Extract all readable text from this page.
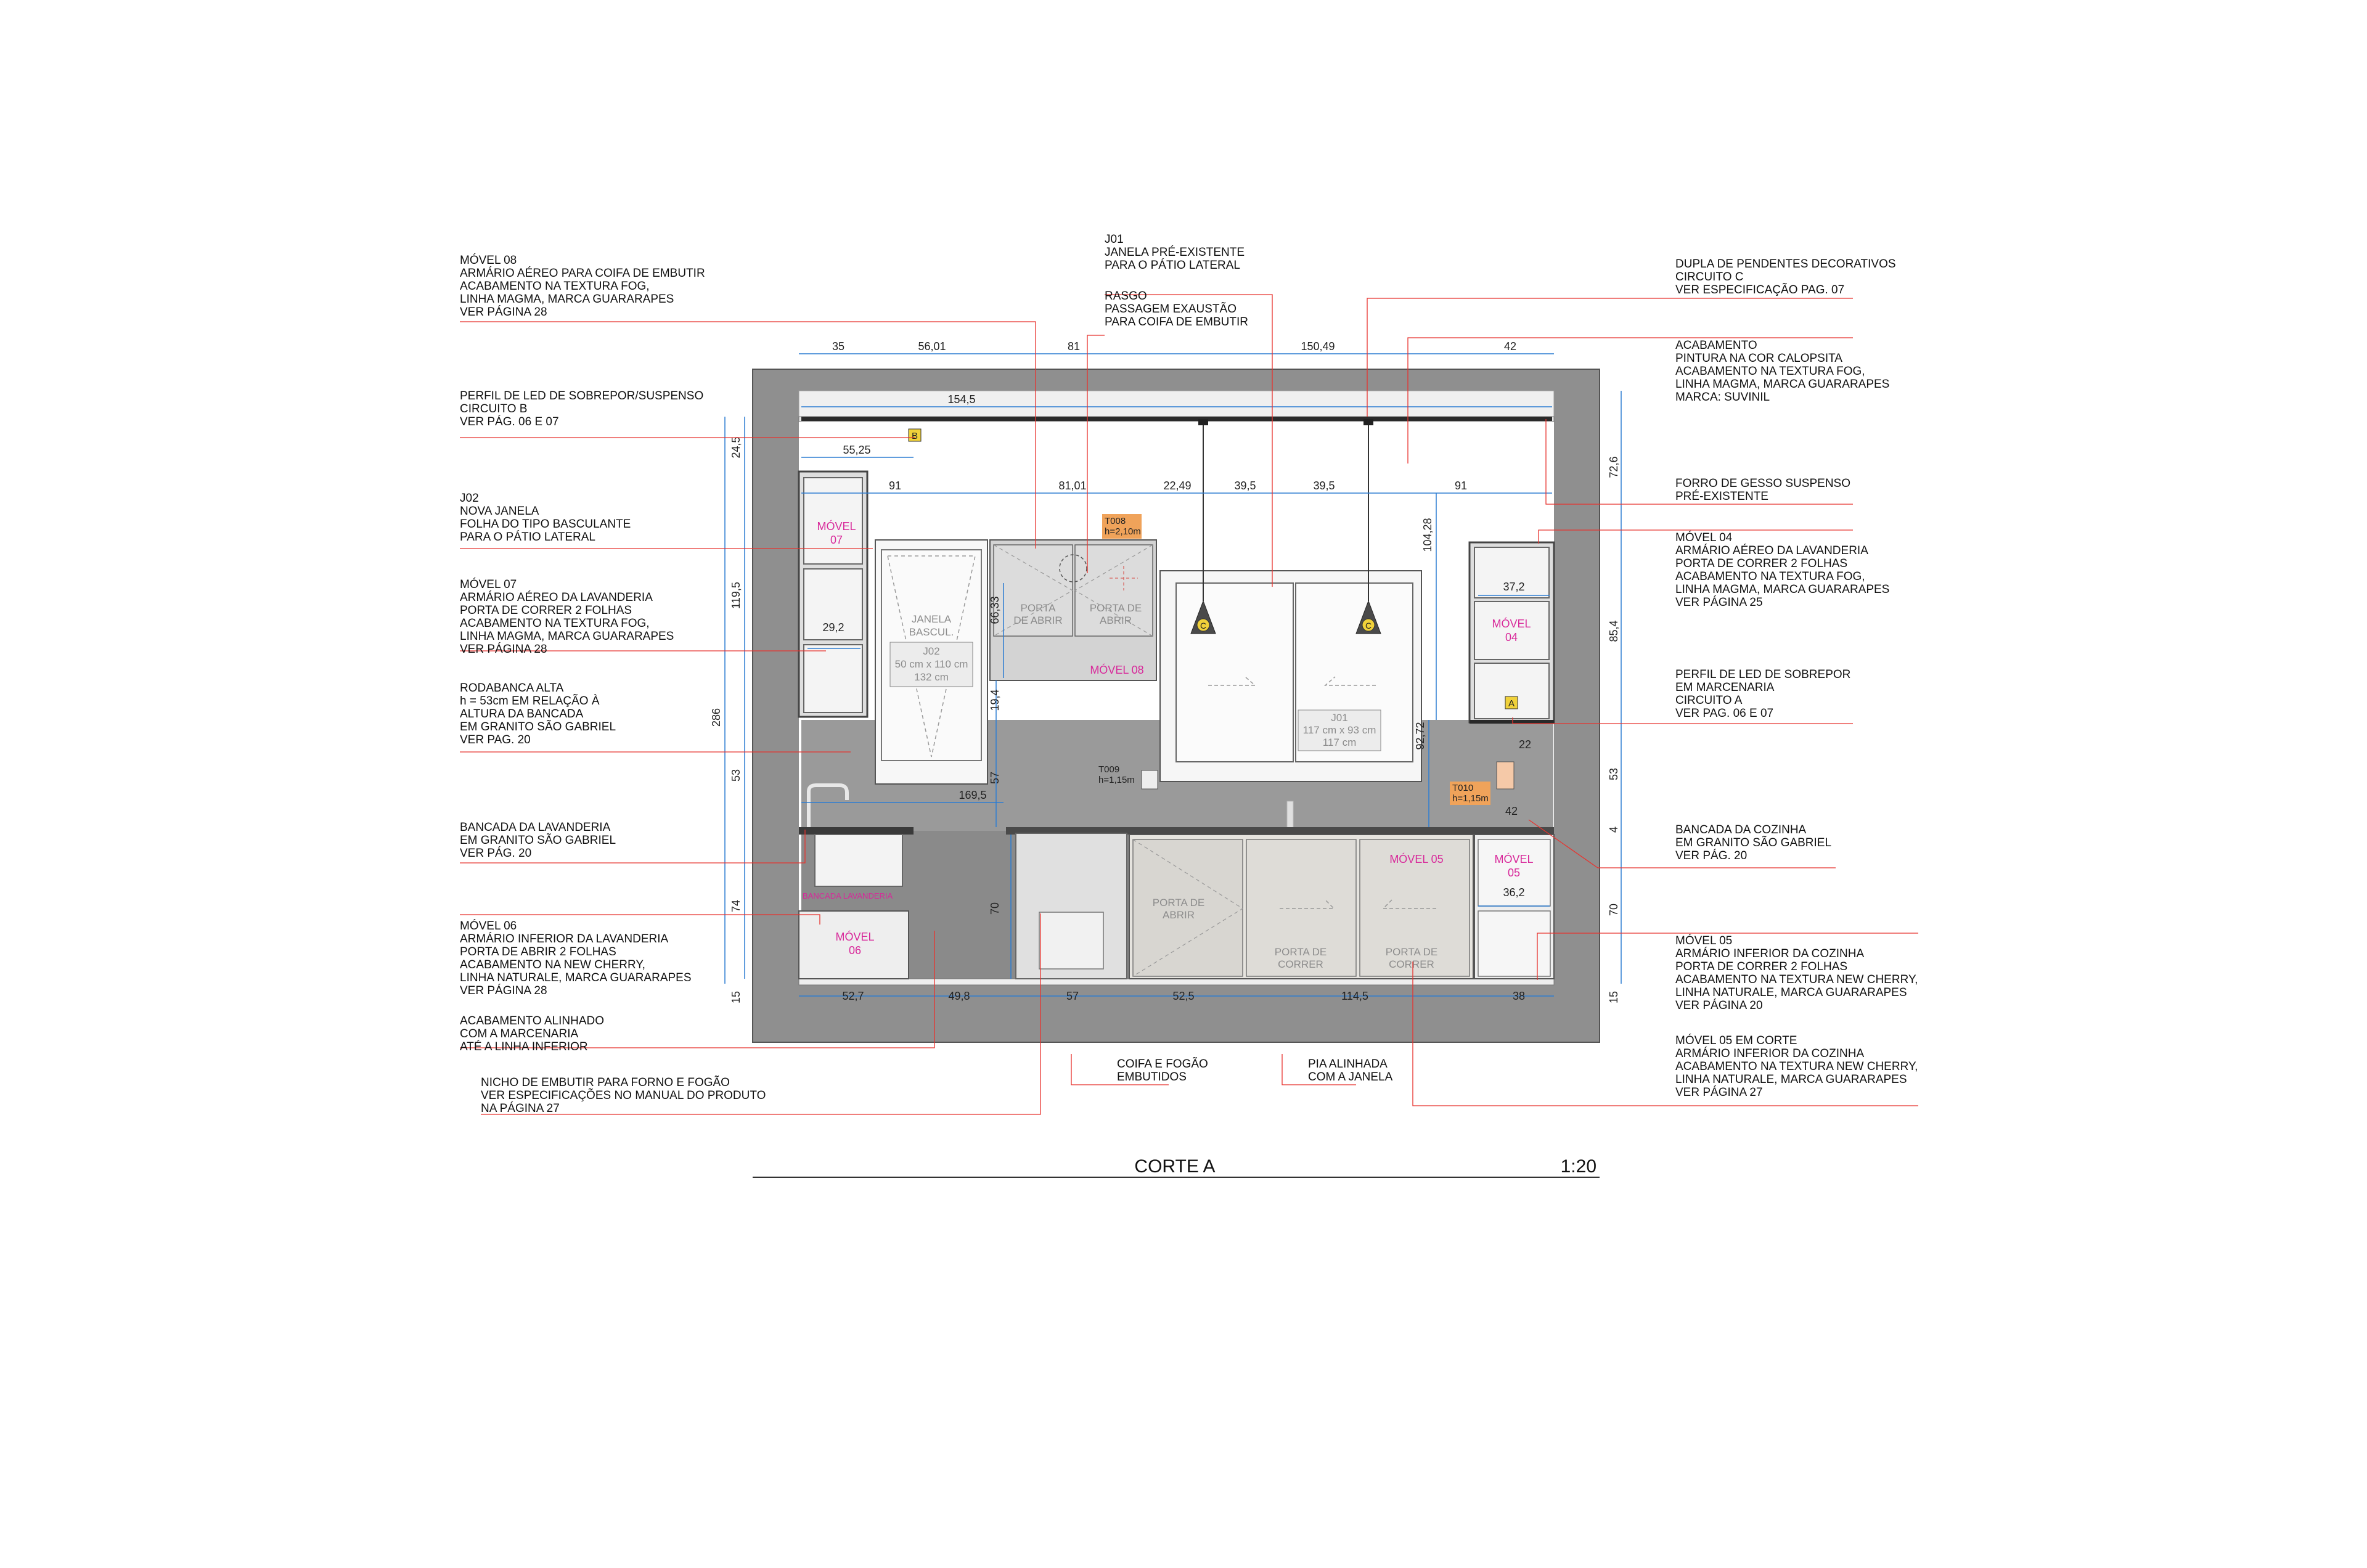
MÓVEL 07
JANELA BASCUL.
J02 50 cm x 110 cm 132 cm
PORTA DE ABRIR
PORTA DE ABRIR
MÓVEL 08
T008 h=2,10m
J01 117 cm x 93 cm 117 cm
C	C	MÓVEL 04
A
B
T009 h=1,15m
T010 h=1,15m
BANCADA LAVANDERIA
MÓVEL 06
PORTA DE ABRIR
PORTA DE CORRER
PORTA DE CORRER
MÓVEL 05	MÓVEL 05
35	56,01	81	150,49	42
154,5
55,25
91	81,01	22,49	39,5	39,5	91
29,2
37,2
169,5
22
42
36,2
52,7	49,8	57	52,5	114,5	38
24,5
119,5
286
53
74
15
72,6
85,4
53
4
70
15
66,33
19,4
57
70
104,28
92,72
MÓVEL 08 ARMÁRIO AÉREO PARA COIFA DE EMBUTIR ACABAMENTO NA TEXTURA FOG, LINHA MAGMA, MARCA GUARARAPES VER PÁGINA 28
PERFIL DE LED DE SOBREPOR/SUSPENSO CIRCUITO B VER PÁG. 06 E 07
J02 NOVA JANELA FOLHA DO TIPO BASCULANTE PARA O PÁTIO LATERAL
MÓVEL 07 ARMÁRIO AÉREO DA LAVANDERIA PORTA DE CORRER 2 FOLHAS ACABAMENTO NA TEXTURA FOG, LINHA MAGMA, MARCA GUARARAPES VER PÁGINA 28
RODABANCA ALTA h = 53cm EM RELAÇÃO À ALTURA DA BANCADA EM GRANITO SÃO GABRIEL VER PAG. 20
BANCADA DA LAVANDERIA EM GRANITO SÃO GABRIEL VER PÁG. 20
MÓVEL 06 ARMÁRIO INFERIOR DA LAVANDERIA PORTA DE ABRIR 2 FOLHAS ACABAMENTO NA NEW CHERRY, LINHA NATURALE, MARCA GUARARAPES VER PÁGINA 28
ACABAMENTO ALINHADO COM A MARCENARIA ATÉ A LINHA INFERIOR
NICHO DE EMBUTIR PARA FORNO E FOGÃO VER ESPECIFICAÇÕES NO MANUAL DO PRODUTO NA PÁGINA 27
J01 JANELA PRÉ-EXISTENTE PARA O PÁTIO LATERAL
RASGO PASSAGEM EXAUSTÃO PARA COIFA DE EMBUTIR
COIFA E FOGÃO EMBUTIDOS
PIA ALINHADA COM A JANELA
DUPLA DE PENDENTES DECORATIVOS CIRCUITO C VER ESPECIFICAÇÃO PAG. 07
ACABAMENTO PINTURA NA COR CALOPSITA ACABAMENTO NA TEXTURA FOG, LINHA MAGMA, MARCA GUARARAPES MARCA: SUVINIL
FORRO DE GESSO SUSPENSO PRÉ-EXISTENTE
MÓVEL 04 ARMÁRIO AÉREO DA LAVANDERIA PORTA DE CORRER 2 FOLHAS ACABAMENTO NA TEXTURA FOG, LINHA MAGMA, MARCA GUARARAPES VER PÁGINA 25
PERFIL DE LED DE SOBREPOR EM MARCENARIA CIRCUITO A VER PAG. 06 E 07
BANCADA DA COZINHA EM GRANITO SÃO GABRIEL VER PÁG. 20
MÓVEL 05 ARMÁRIO INFERIOR DA COZINHA PORTA DE CORRER 2 FOLHAS ACABAMENTO NA TEXTURA NEW CHERRY, LINHA NATURALE, MARCA GUARARAPES VER PÁGINA 20
MÓVEL 05 EM CORTE ARMÁRIO INFERIOR DA COZINHA ACABAMENTO NA TEXTURA NEW CHERRY, LINHA NATURALE, MARCA GUARARAPES VER PÁGINA 27
CORTE A	1:20
